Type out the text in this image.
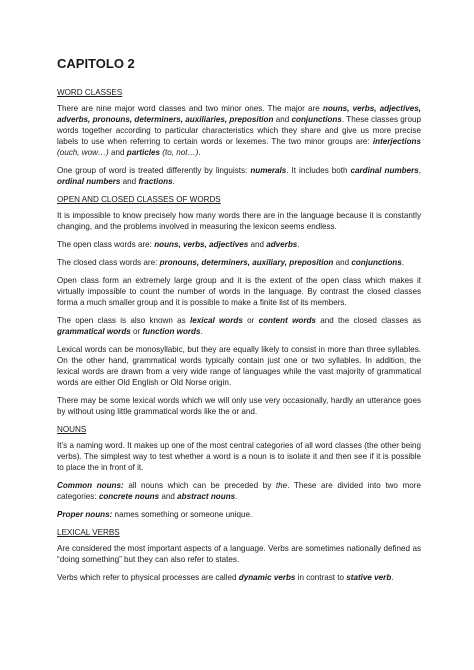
CAPITOLO 2
WORD CLASSES
There are nine major word classes and two minor ones. The major are nouns, verbs, adjectives, adverbs, pronouns, determiners, auxiliaries, preposition and conjunctions. These classes group words together according to particular characteristics which they share and give us more precise labels to use when referring to certain words or lexemes. The two minor groups are: interjections (ouch, wow…) and particles (to, not…).
One group of word is treated differently by linguists: numerals. It includes both cardinal numbers, ordinal numbers and fractions.
OPEN AND CLOSED CLASSES OF WORDS
It is impossible to know precisely how many words there are in the language because it is constantly changing, and the problems involved in measuring the lexicon seems endless.
The open class words are: nouns, verbs, adjectives and adverbs.
The closed class words are: pronouns, determiners, auxiliary, preposition and conjunctions.
Open class form an extremely large group and it is the extent of the open class which makes it virtually impossible to count the number of words in the language. By contrast the closed classes forma a much smaller group and it is possible to make a finite list of its members.
The open class is also known as lexical words or content words and the closed classes as grammatical words or function words.
Lexical words can be monosyllabic, but they are equally likely to consist in more than three syllables. On the other hand, grammatical words typically contain just one or two syllables. In addition, the lexical words are drawn from a very wide range of languages while the vast majority of grammatical words are either Old English or Old Norse origin.
There may be some lexical words which we will only use very occasionally, hardly an utterance goes by without using little grammatical words like the or and.
NOUNS
It’s a naming word. It makes up one of the most central categories of all word classes (the other being verbs). The simplest way to test whether a word is a noun is to isolate it and then see if it is possible to place the in front of it.
Common nouns: all nouns which can be preceded by the. These are divided into two more categories: concrete nouns and abstract nouns.
Proper nouns: names something or someone unique.
LEXICAL VERBS
Are considered the most important aspects of a language. Verbs are sometimes nationally defined as “doing something” but they can also refer to states.
Verbs which refer to physical processes are called dynamic verbs in contrast to stative verb.
